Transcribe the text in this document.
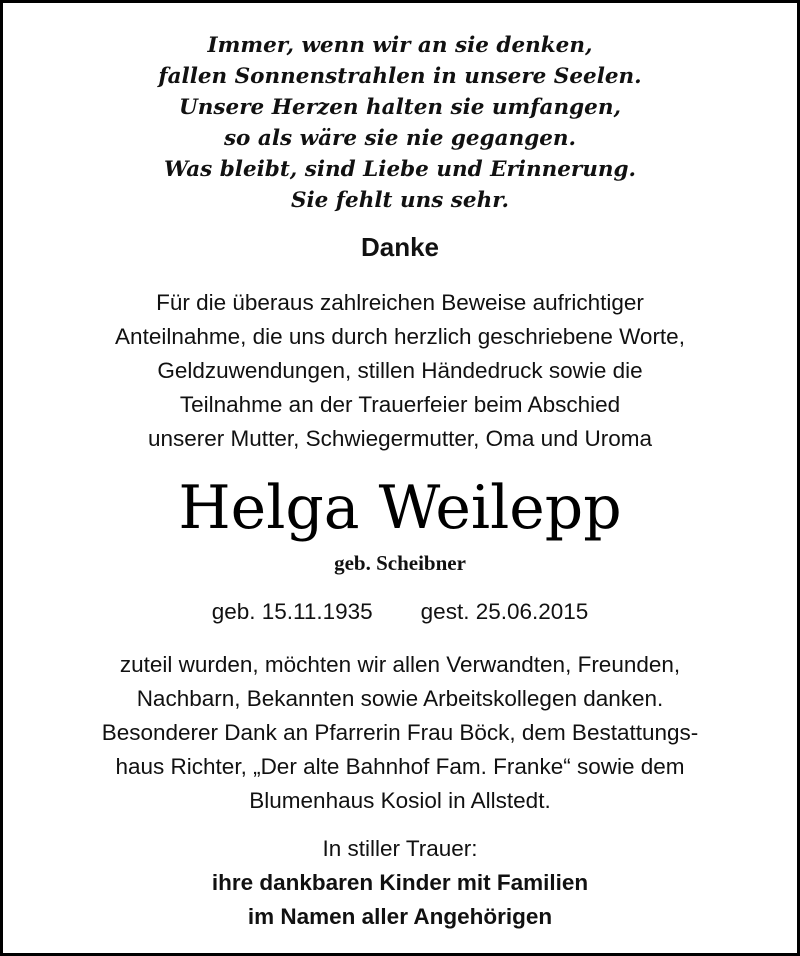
Immer, wenn wir an sie denken,
fallen Sonnenstrahlen in unsere Seelen.
Unsere Herzen halten sie umfangen,
so als wäre sie nie gegangen.
Was bleibt, sind Liebe und Erinnerung.
Sie fehlt uns sehr.
Danke
Für die überaus zahlreichen Beweise aufrichtiger
Anteilnahme, die uns durch herzlich geschriebene Worte,
Geldzuwendungen, stillen Händedruck sowie die
Teilnahme an der Trauerfeier beim Abschied
unserer Mutter, Schwiegermutter, Oma und Uroma
Helga Weilepp
geb. Scheibner
geb. 15.11.1935 gest. 25.06.2015
zuteil wurden, möchten wir allen Verwandten, Freunden,
Nachbarn, Bekannten sowie Arbeitskollegen danken.
Besonderer Dank an Pfarrerin Frau Böck, dem Bestattungs-
haus Richter, „Der alte Bahnhof Fam. Franke“ sowie dem
Blumenhaus Kosiol in Allstedt.
In stiller Trauer:
ihre dankbaren Kinder mit Familien
im Namen aller Angehörigen
